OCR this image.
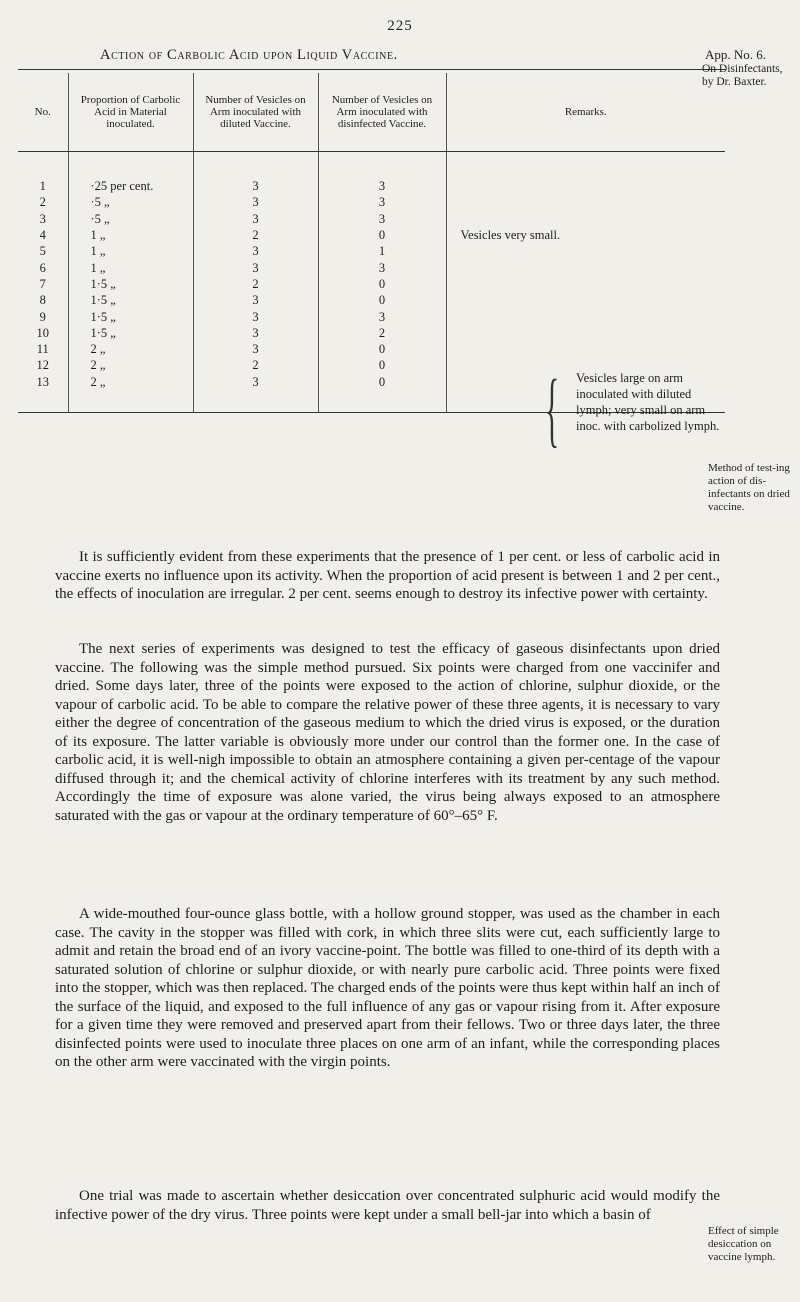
225
Action of Carbolic Acid upon Liquid Vaccine.	App. No. 6.
On Disinfectants, by Dr. Baxter.
Method of test-ing action of dis-infectants on dried vaccine.
Effect of simple desiccation on vaccine lymph.
No.	Proportion of Carbolic Acid in Material inoculated.	Number of Vesicles on Arm inoculated with diluted Vaccine.	Number of Vesicles on Arm inoculated with disinfected Vaccine.	Remarks.
1	·25 per cent.	3	3	
2	·5 „	3	3	
3	·5 „	3	3	
4	1 „	2	0	Vesicles very small.
5	1 „	3	1	
6	1 „	3	3	
7	1·5 „	2	0	
8	1·5 „	3	0	
9	1·5 „	3	3	
10	1·5 „	3	2	
11	2 „	3	0	
12	2 „	2	0	
13	2 „	3	0	{ Vesicles large on arm inoculated with diluted lymph; very small on arm inoc. with carbolized lymph.

It is sufficiently evident from these experiments that the presence of 1 per cent. or less of carbolic acid in vaccine exerts no influence upon its activity. When the proportion of acid present is between 1 and 2 per cent., the effects of inoculation are irregular. 2 per cent. seems enough to destroy its infective power with certainty.

The next series of experiments was designed to test the efficacy of gaseous disinfectants upon dried vaccine. The following was the simple method pursued. Six points were charged from one vaccinifer and dried. Some days later, three of the points were exposed to the action of chlorine, sulphur dioxide, or the vapour of carbolic acid. To be able to compare the relative power of these three agents, it is necessary to vary either the degree of concentration of the gaseous medium to which the dried virus is exposed, or the duration of its exposure. The latter variable is obviously more under our control than the former one. In the case of carbolic acid, it is well-nigh impossible to obtain an atmosphere containing a given per-centage of the vapour diffused through it; and the chemical activity of chlorine interferes with its treatment by any such method. Accordingly the time of exposure was alone varied, the virus being always exposed to an atmosphere saturated with the gas or vapour at the ordinary temperature of 60°–65° F.

A wide-mouthed four-ounce glass bottle, with a hollow ground stopper, was used as the chamber in each case. The cavity in the stopper was filled with cork, in which three slits were cut, each sufficiently large to admit and retain the broad end of an ivory vaccine-point. The bottle was filled to one-third of its depth with a saturated solution of chlorine or sulphur dioxide, or with nearly pure carbolic acid. Three points were fixed into the stopper, which was then replaced. The charged ends of the points were thus kept within half an inch of the surface of the liquid, and exposed to the full influence of any gas or vapour rising from it. After exposure for a given time they were removed and preserved apart from their fellows. Two or three days later, the three disinfected points were used to inoculate three places on one arm of an infant, while the corresponding places on the other arm were vaccinated with the virgin points.

One trial was made to ascertain whether desiccation over concentrated sulphuric acid would modify the infective power of the dry virus. Three points were kept under a small bell-jar into which a basin of
